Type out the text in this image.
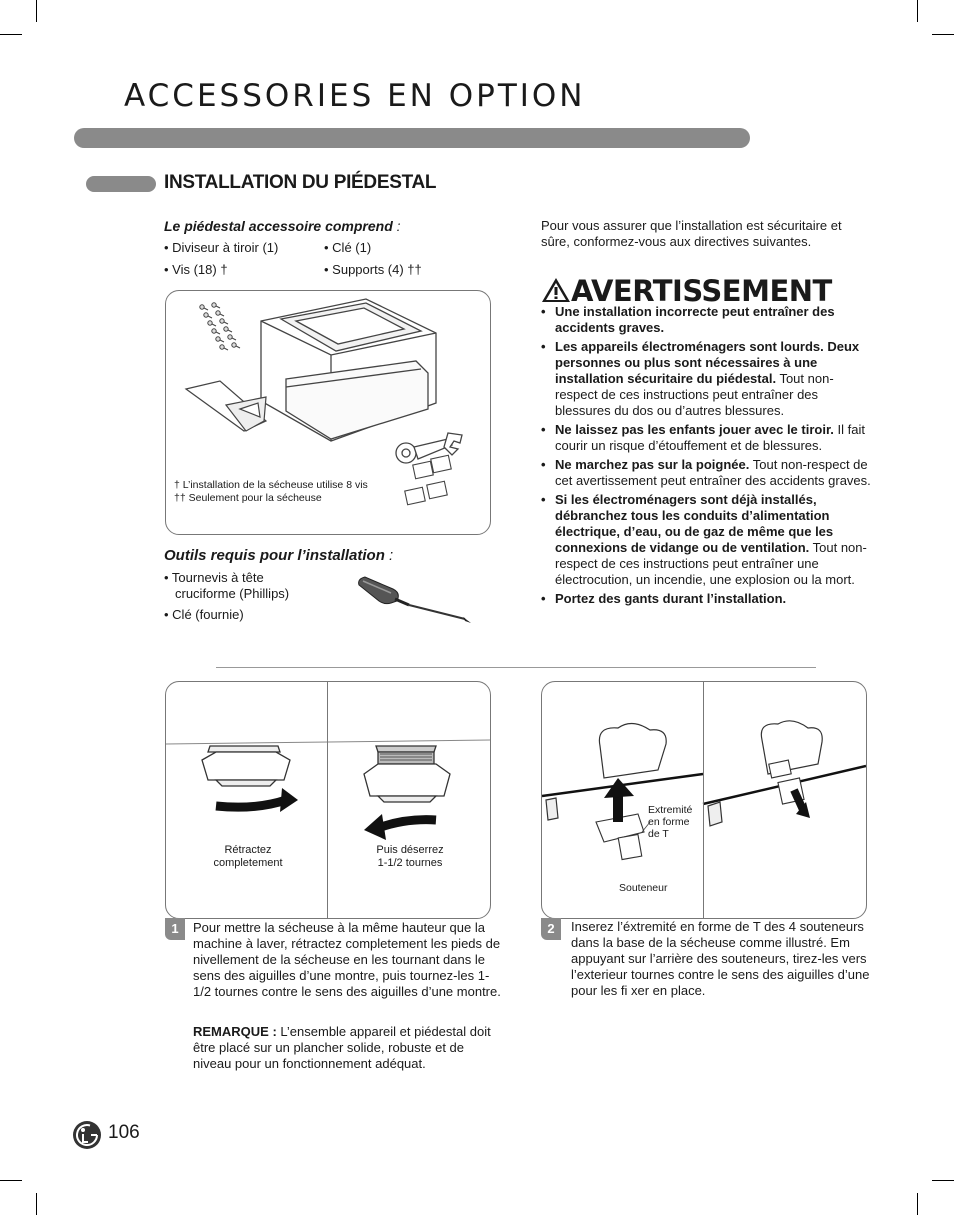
ACCESSORIES EN OPTION
INSTALLATION DU PIÉDESTAL
Le piédestal accessoire comprend :
• Diviseur à tiroir (1)	• Clé (1)
• Vis (18) †	• Supports (4) ††
† L’installation de la sécheuse utilise 8 vis
†† Seulement pour la sécheuse
Outils requis pour l’installation :
• Tournevis à tête
cruciforme (Phillips)
• Clé (fournie)
Pour vous assurer que l’installation est sécuritaire et sûre, conformez-vous aux directives suivantes.
AVERTISSEMENT
• Une installation incorrecte peut entraîner des accidents graves.
• Les appareils électroménagers sont lourds. Deux personnes ou plus sont nécessaires à une installation sécuritaire du piédestal. Tout non-respect de ces instructions peut entraîner des blessures du dos ou d’autres blessures.
• Ne laissez pas les enfants jouer avec le tiroir. Il fait courir un risque d’étouffement et de blessures.
• Ne marchez pas sur la poignée. Tout non-respect de cet avertissement peut entraîner des accidents graves.
• Si les électroménagers sont déjà installés, débranchez tous les conduits d’alimentation électrique, d’eau, ou de gaz de même que les connexions de vidange ou de ventilation. Tout non-respect de ces instructions peut entraîner une électrocution, un incendie, une explosion ou la mort.
• Portez des gants durant l’installation.
Rétractez
completement
Puis déserrez
1-1/2 tournes
1	Pour mettre la sécheuse à la même hauteur que la machine à laver, rétractez completement les pieds de nivellement de la sécheuse en les tournant dans le sens des aiguilles d’une montre, puis tournez-les 1-1/2 tournes contre le sens des aiguilles d’une montre.
REMARQUE : L’ensemble appareil et piédestal doit être placé sur un plancher solide, robuste et de niveau pour un fonctionnement adéquat.
Extremité
en forme
de T
Souteneur
2	Inserez l’éxtremité en forme de T des 4 souteneurs dans la base de la sécheuse comme illustré. Em appuyant sur l’arrière des souteneurs, tirez-les vers l’exterieur tournes contre le sens des aiguilles d’une pour les fi xer en place.
106
